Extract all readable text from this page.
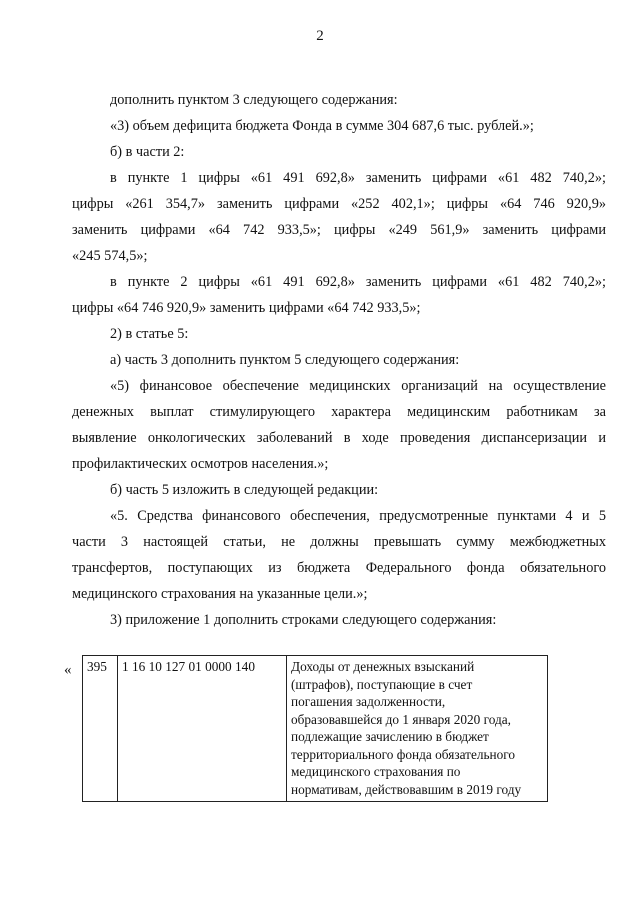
2
дополнить пунктом 3 следующего содержания:
«3) объем дефицита бюджета Фонда в сумме 304 687,6 тыс. рублей.»;
б) в части 2:
в пункте 1 цифры «61 491 692,8» заменить цифрами «61 482 740,2»;
цифры «261 354,7» заменить цифрами «252 402,1»; цифры «64 746 920,9»
заменить цифрами «64 742 933,5»; цифры «249 561,9» заменить цифрами
«245 574,5»;
в пункте 2 цифры «61 491 692,8» заменить цифрами «61 482 740,2»;
цифры «64 746 920,9» заменить цифрами «64 742 933,5»;
2) в статье 5:
а) часть 3 дополнить пунктом 5 следующего содержания:
«5) финансовое обеспечение медицинских организаций на осуществление
денежных выплат стимулирующего характера медицинским работникам за
выявление онкологических заболеваний в ходе проведения диспансеризации и
профилактических осмотров населения.»;
б) часть 5 изложить в следующей редакции:
«5. Средства финансового обеспечения, предусмотренные пунктами 4 и 5
части 3 настоящей статьи, не должны превышать сумму межбюджетных
трансфертов, поступающих из бюджета Федерального фонда обязательного
медицинского страхования на указанные цели.»;
3) приложение 1 дополнить строками следующего содержания:
« 395	1 16 10 127 01 0000 140	Доходы от денежных взысканий
(штрафов), поступающие в счет
погашения задолженности,
образовавшейся до 1 января 2020 года,
подлежащие зачислению в бюджет
территориального фонда обязательного
медицинского страхования по
нормативам, действовавшим в 2019 году
